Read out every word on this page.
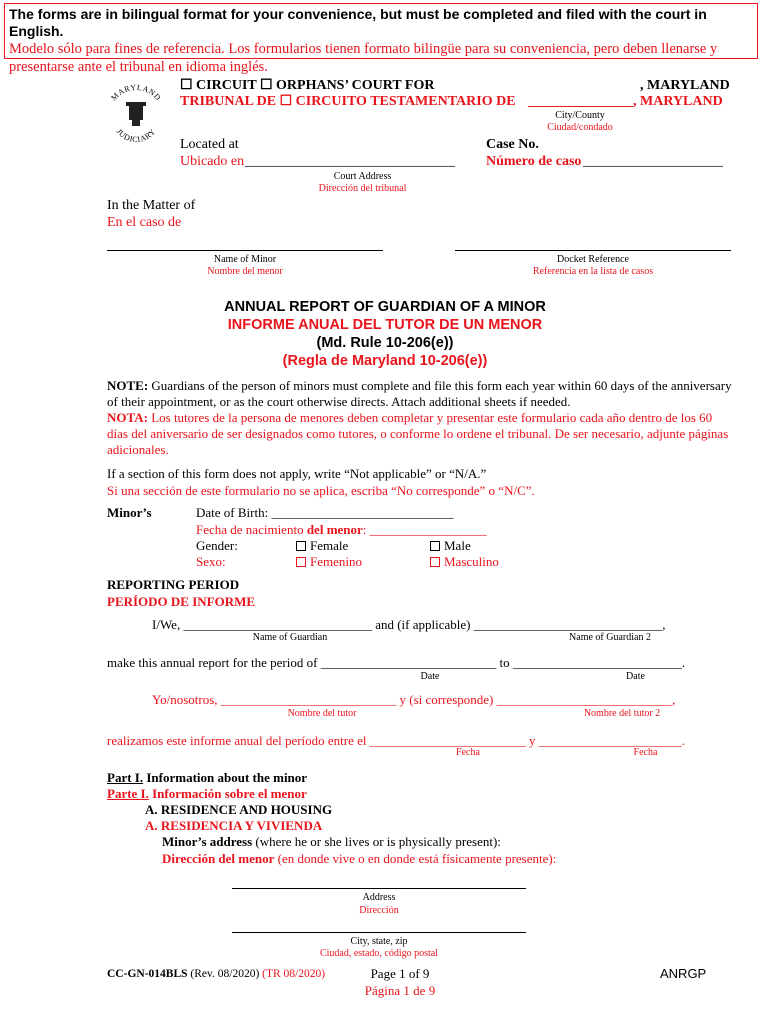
The forms are in bilingual format for your convenience, but must be completed and filed with the court in English.
Modelo sólo para fines de referencia. Los formularios tienen formato bilingüe para su conveniencia, pero deben llenarse y presentarse ante el tribunal en idioma inglés.
MARYLAND
JUDICIARY
☐ CIRCUIT ☐ ORPHANS’ COURT FOR	, MARYLAND
TRIBUNAL DE ☐ CIRCUITO TESTAMENTARIO DE _______________, MARYLAND
City/County
Ciudad/condado
Located at
Ubicado en ______________________________
Case No.
Número de caso ____________________
Court Address
Dirección del tribunal
In the Matter of
En el caso de
Name of Minor
Nombre del menor
Docket Reference
Referencia en la lista de casos
ANNUAL REPORT OF GUARDIAN OF A MINOR
INFORME ANUAL DEL TUTOR DE UN MENOR
(Md. Rule 10-206(e))
(Regla de Maryland 10-206(e))
NOTE: Guardians of the person of minors must complete and file this form each year within 60 days of the anniversary of their appointment, or as the court otherwise directs. Attach additional sheets if needed.
NOTA: Los tutores de la persona de menores deben completar y presentar este formulario cada año dentro de los 60 días del aniversario de ser designados como tutores, o conforme lo ordene el tribunal. De ser necesario, adjunte páginas adicionales.
If a section of this form does not apply, write “Not applicable” or “N/A.”
Si una sección de este formulario no se aplica, escriba “No corresponde” o “N/C”.
Minor’s	Date of Birth: ____________________________
Fecha de nacimiento del menor: __________________
Gender:
Sexo:
Female
Femenino
Male
Masculino
REPORTING PERIOD
PERÍODO DE INFORME
I/We, _____________________________ and (if applicable) _____________________________,
Name of Guardian	Name of Guardian 2
make this annual report for the period of ___________________________ to __________________________.
Date	Date
Yo/nosotros, ___________________________ y (si corresponde) ___________________________,
Nombre del tutor	Nombre del tutor 2
realizamos este informe anual del período entre el ________________________ y ______________________.
Fecha	Fecha
Part I. Information about the minor
Parte I. Información sobre el menor
A. RESIDENCE AND HOUSING
A. RESIDENCIA Y VIVIENDA
Minor’s address (where he or she lives or is physically present):
Dirección del menor (en donde vive o en donde está físicamente presente):
Address
Dirección
City, state, zip
Ciudad, estado, código postal
CC-GN-014BLS (Rev. 08/2020) (TR 08/2020)	Page 1 of 9
Página 1 de 9
ANRGP
